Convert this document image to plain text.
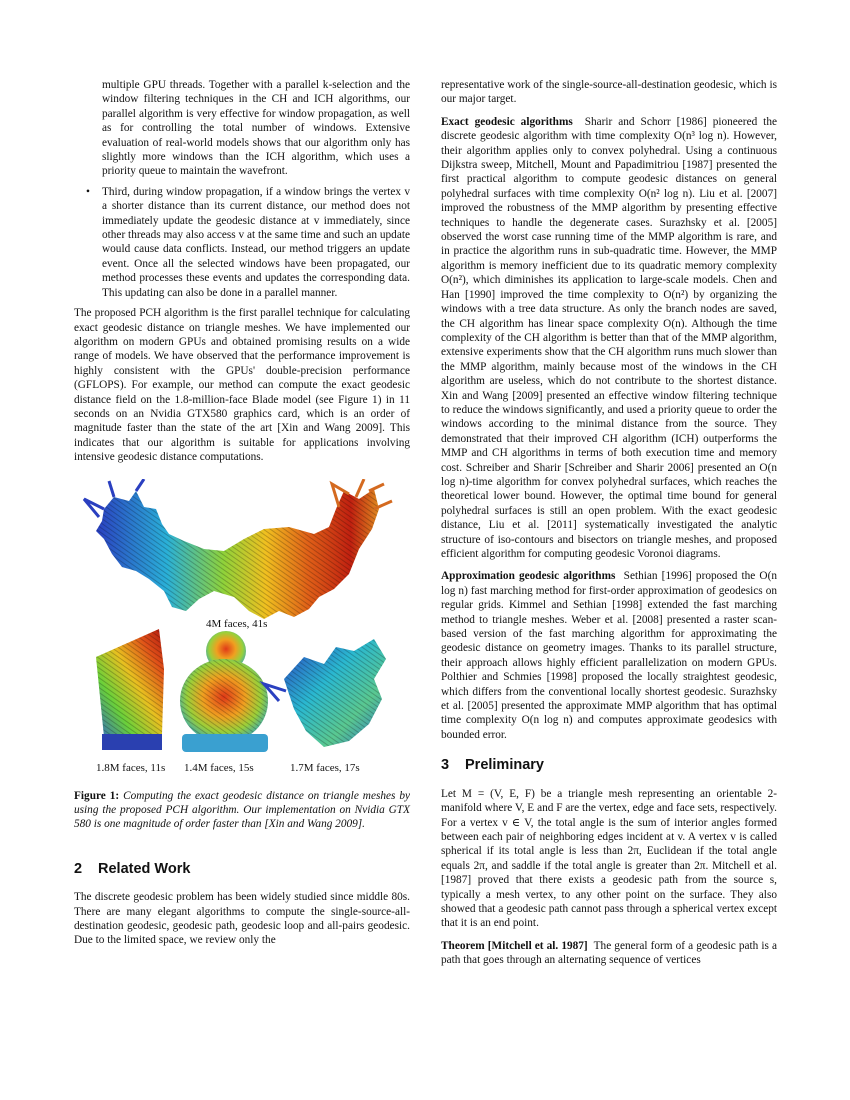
multiple GPU threads. Together with a parallel k-selection and the window filtering techniques in the CH and ICH algorithms, our parallel algorithm is very effective for window propagation, as well as for controlling the total number of windows. Extensive evaluation of real-world models shows that our algorithm only has slightly more windows than the ICH algorithm, which uses a priority queue to maintain the wavefront.
• Third, during window propagation, if a window brings the vertex v a shorter distance than its current distance, our method does not immediately update the geodesic distance at v immediately, since other threads may also access v at the same time and such an update would cause data conflicts. Instead, our method triggers an update event. Once all the selected windows have been propagated, our method processes these events and updates the corresponding data. This updating can also be done in a parallel manner.

The proposed PCH algorithm is the first parallel technique for calculating exact geodesic distance on triangle meshes. We have implemented our algorithm on modern GPUs and obtained promising results on a wide range of models. We have observed that the performance improvement is highly consistent with the GPUs' double-precision performance (GFLOPS). For example, our method can compute the exact geodesic distance field on the 1.8-million-face Blade model (see Figure 1) in 11 seconds on an Nvidia GTX580 graphics card, which is an order of magnitude faster than the state of the art [Xin and Wang 2009]. This indicates that our algorithm is suitable for applications involving intensive geodesic distance computations.

4M faces, 41s
1.8M faces, 11s 1.4M faces, 15s	1.7M faces, 17s
Figure 1: Computing the exact geodesic distance on triangle meshes by using the proposed PCH algorithm. Our implementation on Nvidia GTX 580 is one magnitude of order faster than [Xin and Wang 2009].
2 Related Work

The discrete geodesic problem has been widely studied since middle 80s. There are many elegant algorithms to compute the single-source-all-destination geodesic, geodesic path, geodesic loop and all-pairs geodesic. Due to the limited space, we review only the

representative work of the single-source-all-destination geodesic, which is our major target.

Exact geodesic algorithms Sharir and Schorr [1986] pioneered the discrete geodesic algorithm with time complexity O(n³ log n). However, their algorithm applies only to convex polyhedral. Using a continuous Dijkstra sweep, Mitchell, Mount and Papadimitriou [1987] presented the first practical algorithm to compute geodesic distances on general polyhedral surfaces with time complexity O(n² log n). Liu et al. [2007] improved the robustness of the MMP algorithm by presenting effective techniques to handle the degenerate cases. Surazhsky et al. [2005] observed the worst case running time of the MMP algorithm is rare, and in practice the algorithm runs in sub-quadratic time. However, the MMP algorithm is memory inefficient due to its quadratic memory complexity O(n²), which diminishes its application to large-scale models. Chen and Han [1990] improved the time complexity to O(n²) by organizing the windows with a tree data structure. As only the branch nodes are saved, the CH algorithm has linear space complexity O(n). Although the time complexity of the CH algorithm is better than that of the MMP algorithm, extensive experiments show that the CH algorithm runs much slower than the MMP algorithm, mainly because most of the windows in the CH algorithm are useless, which do not contribute to the shortest distance. Xin and Wang [2009] presented an effective window filtering technique to reduce the windows significantly, and used a priority queue to order the windows according to the minimal distance from the source. They demonstrated that their improved CH algorithm (ICH) outperforms the MMP and CH algorithms in terms of both execution time and memory cost. Schreiber and Sharir [Schreiber and Sharir 2006] presented an O(n log n)-time algorithm for convex polyhedral surfaces, which reaches the theoretical lower bound. However, the optimal time bound for general polyhedral surfaces is still an open problem. With the exact geodesic distance, Liu et al. [2011] systematically investigated the analytic structure of iso-contours and bisectors on triangle meshes, and proposed efficient algorithm for computing geodesic Voronoi diagrams.

Approximation geodesic algorithms Sethian [1996] proposed the O(n log n) fast marching method for first-order approximation of geodesics on regular grids. Kimmel and Sethian [1998] extended the fast marching method to triangle meshes. Weber et al. [2008] presented a raster scan-based version of the fast marching algorithm for approximating the geodesic distance on geometry images. Thanks to its parallel structure, their approach allows highly efficient parallelization on modern GPUs. Polthier and Schmies [1998] proposed the locally straightest geodesic, which differs from the conventional locally shortest geodesic. Surazhsky et al. [2005] presented the approximate MMP algorithm that has optimal time complexity O(n log n) and computes approximate geodesics with bounded error.

3 Preliminary

Let M = (V, E, F) be a triangle mesh representing an orientable 2-manifold where V, E and F are the vertex, edge and face sets, respectively. For a vertex v ∈ V, the total angle is the sum of interior angles formed between each pair of neighboring edges incident at v. A vertex v is called spherical if its total angle is less than 2π, Euclidean if the total angle equals 2π, and saddle if the total angle is greater than 2π. Mitchell et al. [1987] proved that there exists a geodesic path from the source s, typically a mesh vertex, to any other point on the surface. They also showed that a geodesic path cannot pass through a spherical vertex except that it is an end point.

Theorem [Mitchell et al. 1987] The general form of a geodesic path is a path that goes through an alternating sequence of vertices
